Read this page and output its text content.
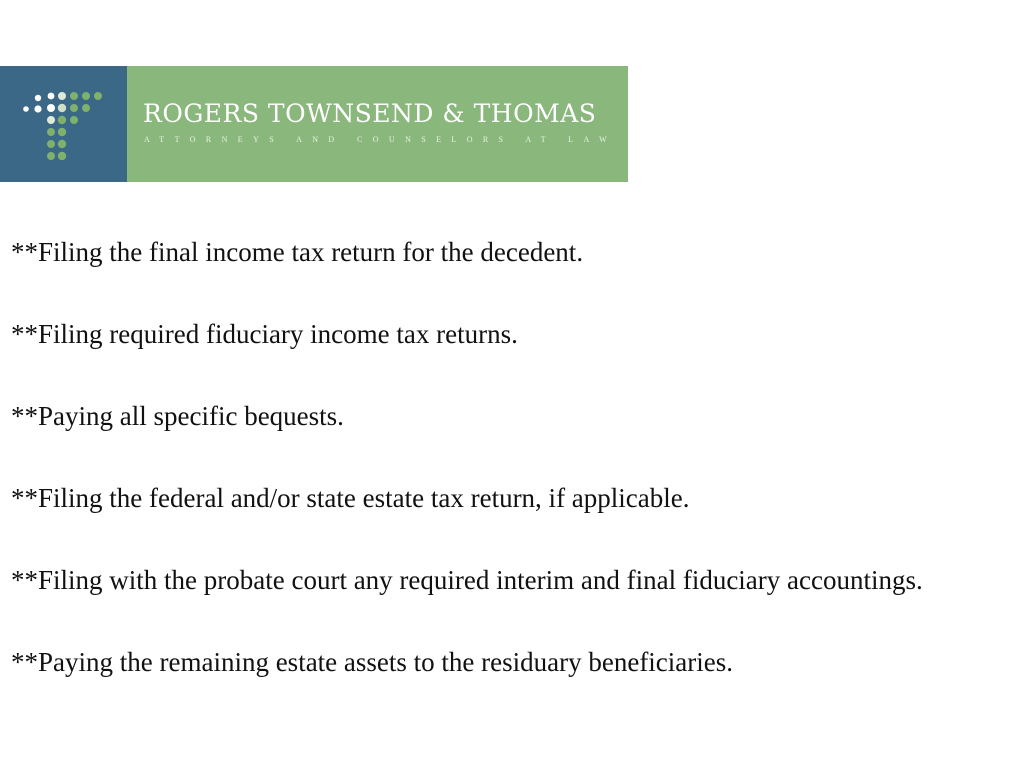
ROGERS TOWNSEND & THOMAS
ATTORNEYS AND COUNSELORS AT LAW

**Filing the final income tax return for the decedent.

**Filing required fiduciary income tax returns.

**Paying all specific bequests.

**Filing the federal and/or state estate tax return, if applicable.

**Filing with the probate court any required interim and final fiduciary accountings.

**Paying the remaining estate assets to the residuary beneficiaries.
